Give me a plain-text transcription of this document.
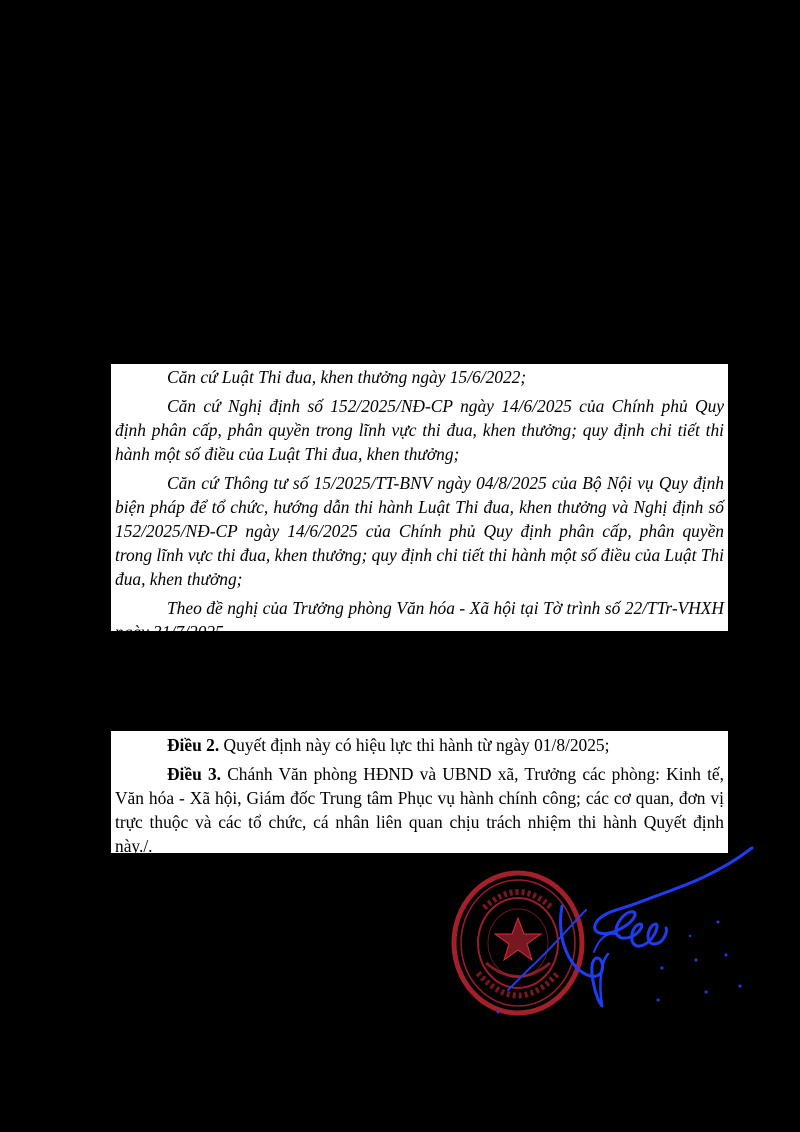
Căn cứ Luật Thi đua, khen thưởng ngày 15/6/2022;

Căn cứ Nghị định số 152/2025/NĐ-CP ngày 14/6/2025 của Chính phủ Quy định phân cấp, phân quyền trong lĩnh vực thi đua, khen thưởng; quy định chi tiết thi hành một số điều của Luật Thi đua, khen thưởng;

Căn cứ Thông tư số 15/2025/TT-BNV ngày 04/8/2025 của Bộ Nội vụ Quy định biện pháp để tổ chức, hướng dẫn thi hành Luật Thi đua, khen thưởng và Nghị định số 152/2025/NĐ-CP ngày 14/6/2025 của Chính phủ Quy định phân cấp, phân quyền trong lĩnh vực thi đua, khen thưởng; quy định chi tiết thi hành một số điều của Luật Thi đua, khen thưởng;

Theo đề nghị của Trưởng phòng Văn hóa - Xã hội tại Tờ trình số 22/TTr-VHXH ngày 31/7/2025.

Điều 2. Quyết định này có hiệu lực thi hành từ ngày 01/8/2025;

Điều 3. Chánh Văn phòng HĐND và UBND xã, Trưởng các phòng: Kinh tế, Văn hóa - Xã hội, Giám đốc Trung tâm Phục vụ hành chính công; các cơ quan, đơn vị trực thuộc và các tổ chức, cá nhân liên quan chịu trách nhiệm thi hành Quyết định này./.
